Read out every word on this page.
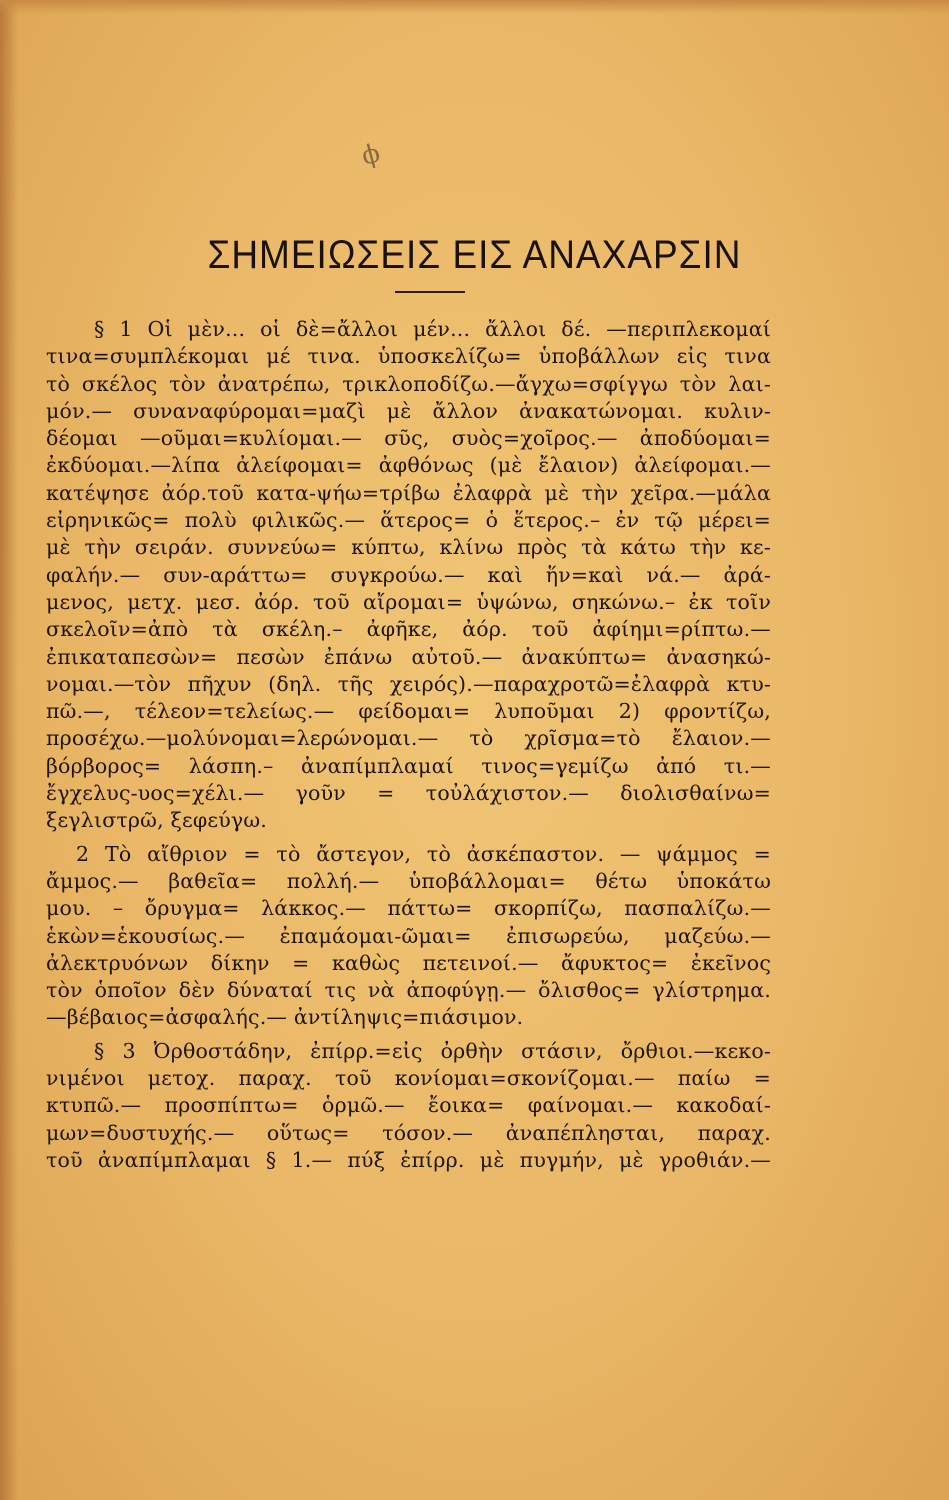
ϕ
ΣΗΜΕΙΩΣΕΙΣ ΕΙΣ ΑΝΑΧΑΡΣΙΝ
§ 1 Οἱ μὲν... οἱ δὲ=ἄλλοι μέν... ἄλλοι δέ. —περιπλεκομαί
τινα=συμπλέκομαι μέ τινα. ὑποσκελίζω= ὑποβάλλων εἰς τινα
τὸ σκέλος τὸν ἀνατρέπω, τρικλοποδίζω.—ἄγχω=σφίγγω τὸν λαι-
μόν.— συναναφύρομαι=μαζὶ μὲ ἄλλον ἀνακατώνομαι. κυλιν-
δέομαι —οῦμαι=κυλίομαι.— σῦς, συὸς=χοῖρος.— ἀποδύομαι=
ἐκδύομαι.—λίπα ἀλείφομαι= ἀφθόνως (μὲ ἔλαιον) ἀλείφομαι.—
κατέψησε ἀόρ.τοῦ κατα-ψήω=τρίβω ἐλαφρὰ μὲ τὴν χεῖρα.—μάλα
εἰρηνικῶς= πολὺ φιλικῶς.— ἅτερος= ὁ ἕτερος.– ἐν τῷ μέρει=
μὲ τὴν σειράν. συννεύω= κύπτω, κλίνω πρὸς τὰ κάτω τὴν κε-
φαλήν.— συν-αράττω= συγκρούω.— καὶ ἥν=καὶ νά.— ἀρά-
μενος, μετχ. μεσ. ἀόρ. τοῦ αἴρομαι= ὑψώνω, σηκώνω.– ἐκ τοῖν
σκελοῖν=ἀπὸ τὰ σκέλη.– ἀφῆκε, ἀόρ. τοῦ ἀφίημι=ρίπτω.—
ἐπικαταπεσὼν= πεσὼν ἐπάνω αὐτοῦ.— ἀνακύπτω= ἀνασηκώ-
νομαι.—τὸν πῆχυν (δηλ. τῆς χειρός).—παραχροτῶ=ἐλαφρὰ κτυ-
πῶ.—, τέλεον=τελείως.— φείδομαι= λυποῦμαι 2) φροντίζω,
προσέχω.—μολύνομαι=λερώνομαι.— τὸ χρῖσμα=τὸ ἔλαιον.—
βόρβορος= λάσπη.– ἀναπίμπλαμαί τινος=γεμίζω ἀπό τι.—
ἔγχελυς-υος=χέλι.— γοῦν = τοὐλάχιστον.— διολισθαίνω=
ξεγλιστρῶ, ξεφεύγω.
2 Τὸ αἴθριον = τὸ ἄστεγον, τὸ ἀσκέπαστον. — ψάμμος =
ἄμμος.— βαθεῖα= πολλή.— ὑποβάλλομαι= θέτω ὑποκάτω
μου. – ὄρυγμα= λάκκος.— πάττω= σκορπίζω, πασπαλίζω.—
ἑκὼν=ἑκουσίως.— ἐπαμάομαι-ῶμαι= ἐπισωρεύω, μαζεύω.—
ἀλεκτρυόνων δίκην = καθὼς πετεινοί.— ἄφυκτος= ἐκεῖνος
τὸν ὁποῖον δὲν δύναταί τις νὰ ἀποφύγῃ.— ὄλισθος= γλίστρημα.
—βέβαιος=ἀσφαλής.— ἀντίληψις=πιάσιμον.
§ 3 Ὀρθοστάδην, ἐπίρρ.=εἰς ὀρθὴν στάσιν, ὄρθιοι.—κεκο-
νιμένοι μετοχ. παραχ. τοῦ κονίομαι=σκονίζομαι.— παίω =
κτυπῶ.— προσπίπτω= ὁρμῶ.— ἔοικα= φαίνομαι.— κακοδαί-
μων=δυστυχής.— οὕτως= τόσον.— ἀναπέπλησται, παραχ.
τοῦ ἀναπίμπλαμαι § 1.— πύξ ἐπίρρ. μὲ πυγμήν, μὲ γροθιάν.—
